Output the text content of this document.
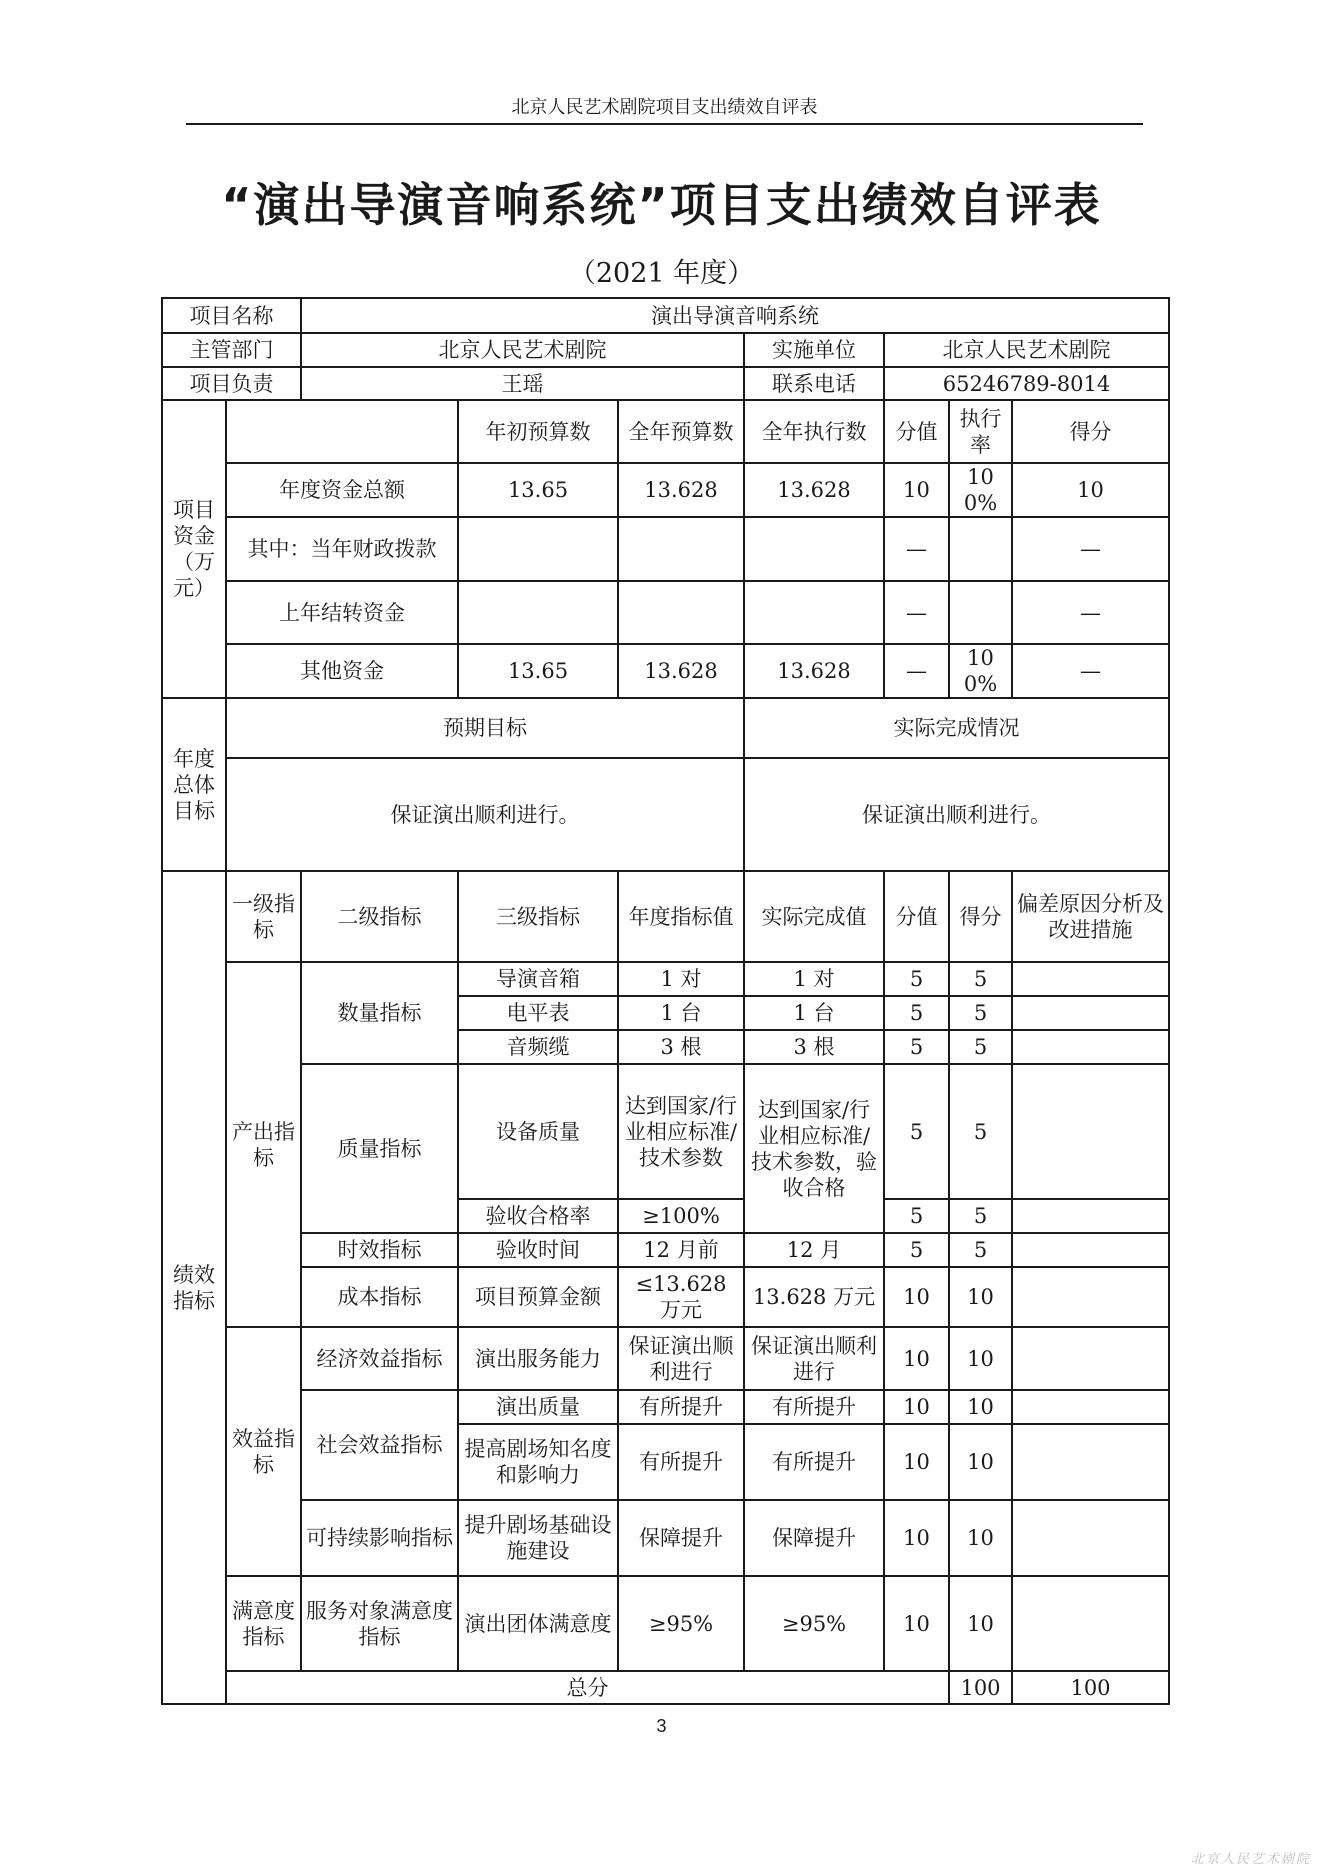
北京人民艺术剧院项目支出绩效自评表
“演出导演音响系统”项目支出绩效自评表
（2021 年度）
项目名称		演出导演音响系统							
主管部门		北京人民艺术剧院			实施单位	北京人民艺术剧院			
项目负责		王瑶			联系电话	65246789-8014			
项目资金（万元）			年初预算数	全年预算数	全年执行数	分值	执行率	得分	
	年度资金总额		13.65	13.628	13.628	10	100%	10	
	其中：当年财政拨款					—		—	
	上年结转资金					—		—	
	其他资金		13.65	13.628	13.628	—	100%	—	
年度总体目标	预期目标				实际完成情况				
	保证演出顺利进行。				保证演出顺利进行。				
绩效指标	一级指标	二级指标	三级指标	年度指标值	实际完成值	分值	得分	偏差原因分析及改进措施	
	产出指标	数量指标	导演音箱	1 对	1 对	5	5		
			电平表	1 台	1 台	5	5		
			音频缆	3 根	3 根	5	5		
		质量指标	设备质量	达到国家/行业相应标准/技术参数	达到国家/行业相应标准/技术参数，验收合格	5	5		
			验收合格率	≥100%		5	5		
		时效指标	验收时间	12 月前	12 月	5	5		
		成本指标	项目预算金额	≤13.628 万元	13.628 万元	10	10		
	效益指标	经济效益指标	演出服务能力	保证演出顺利进行	保证演出顺利进行	10	10		
		社会效益指标	演出质量	有所提升	有所提升	10	10		
			提高剧场知名度和影响力	有所提升	有所提升	10	10		
		可持续影响指标	提升剧场基础设施建设	保障提升	保障提升	10	10		
	满意度指标	服务对象满意度指标	演出团体满意度	≥95%	≥95%	10	10		
	总分						100	100	
3
北京人民艺术剧院
